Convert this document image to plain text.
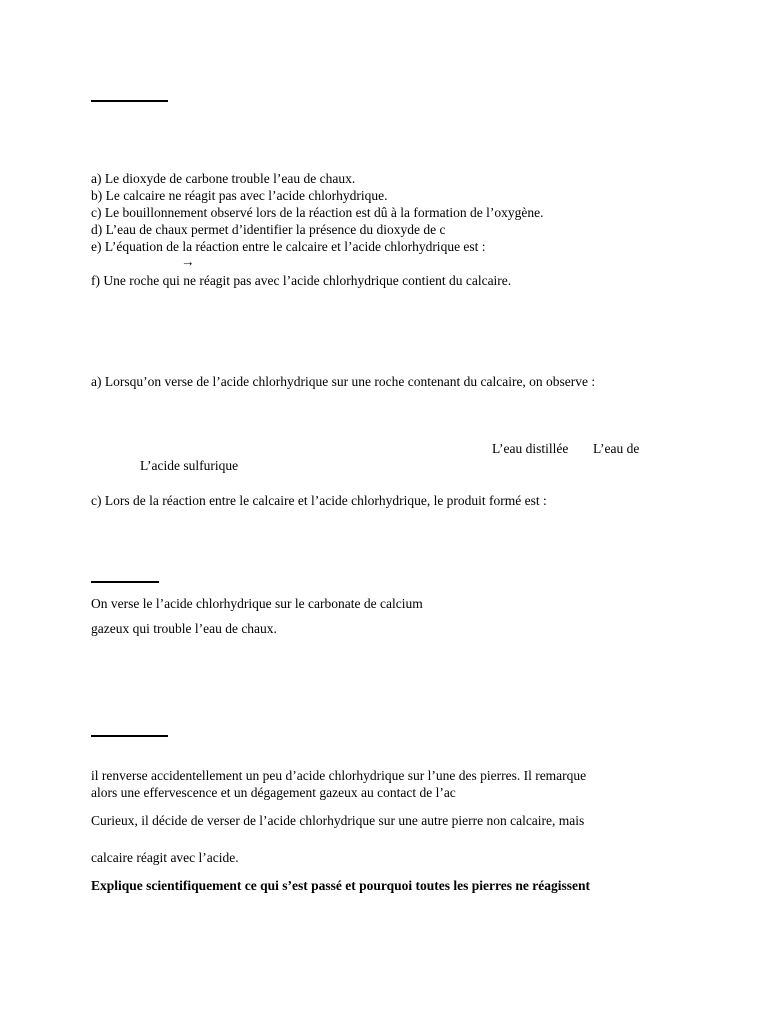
a) Le dioxyde de carbone trouble l’eau de chaux.
b) Le calcaire ne réagit pas avec l’acide chlorhydrique.
c) Le bouillonnement observé lors de la réaction est dû à la formation de l’oxygène.
d) L’eau de chaux permet d’identifier la présence du dioxyde de c
e) L’équation de la réaction entre le calcaire et l’acide chlorhydrique est :
→
f) Une roche qui ne réagit pas avec l’acide chlorhydrique contient du calcaire.
a) Lorsqu’on verse de l’acide chlorhydrique sur une roche contenant du calcaire, on observe :
L’eau distillée L’eau de
L’acide sulfurique
c) Lors de la réaction entre le calcaire et l’acide chlorhydrique, le produit formé est :
On verse le l’acide chlorhydrique sur le carbonate de calcium
gazeux qui trouble l’eau de chaux.
il renverse accidentellement un peu d’acide chlorhydrique sur l’une des pierres. Il remarque
alors une effervescence et un dégagement gazeux au contact de l’ac
Curieux, il décide de verser de l’acide chlorhydrique sur une autre pierre non calcaire, mais
calcaire réagit avec l’acide.
Explique scientifiquement ce qui s’est passé et pourquoi toutes les pierres ne réagissent
